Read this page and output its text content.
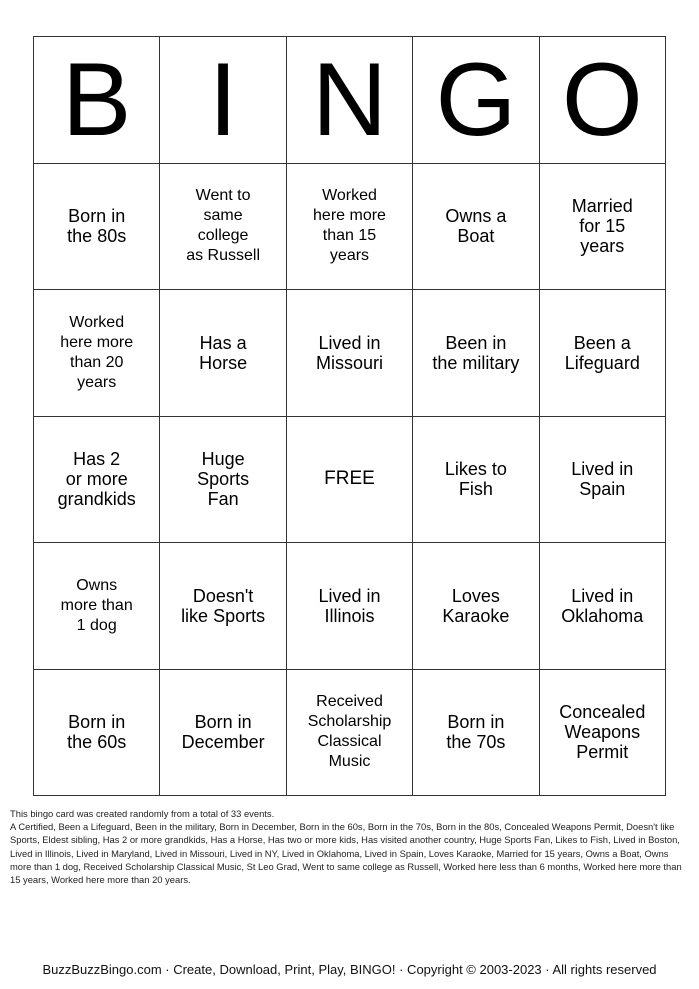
B I N G O
Born in
the 80s
Went to
same
college
as Russell
Worked
here more
than 15
years
Owns a
Boat
Married
for 15
years
Worked
here more
than 20
years
Has a
Horse
Lived in
Missouri
Been in
the military
Been a
Lifeguard
Has 2
or more
grandkids
Huge
Sports
Fan
FREE	Likes to
Fish
Lived in
Spain
Owns
more than
1 dog
Doesn't
like Sports
Lived in
Illinois
Loves
Karaoke
Lived in
Oklahoma
Born in
the 60s
Born in
December
Received
Scholarship
Classical
Music
Born in
the 70s
Concealed
Weapons
Permit

This bingo card was created randomly from a total of 33 events.

A Certified, Been a Lifeguard, Been in the military, Born in December, Born in the 60s, Born in the 70s, Born in the 80s, Concealed Weapons Permit, Doesn't like Sports, Eldest sibling, Has 2 or more grandkids, Has a Horse, Has two or more kids, Has visited another country, Huge Sports Fan, Likes to Fish, Lived in Boston, Lived in Illinois, Lived in Maryland, Lived in Missouri, Lived in NY, Lived in Oklahoma, Lived in Spain, Loves Karaoke, Married for 15 years, Owns a Boat, Owns more than 1 dog, Received Scholarship Classical Music, St Leo Grad, Went to same college as Russell, Worked here less than 6 months, Worked here more than 15 years, Worked here more than 20 years.

BuzzBuzzBingo.com · Create, Download, Print, Play, BINGO! · Copyright © 2003-2023 · All rights reserved
